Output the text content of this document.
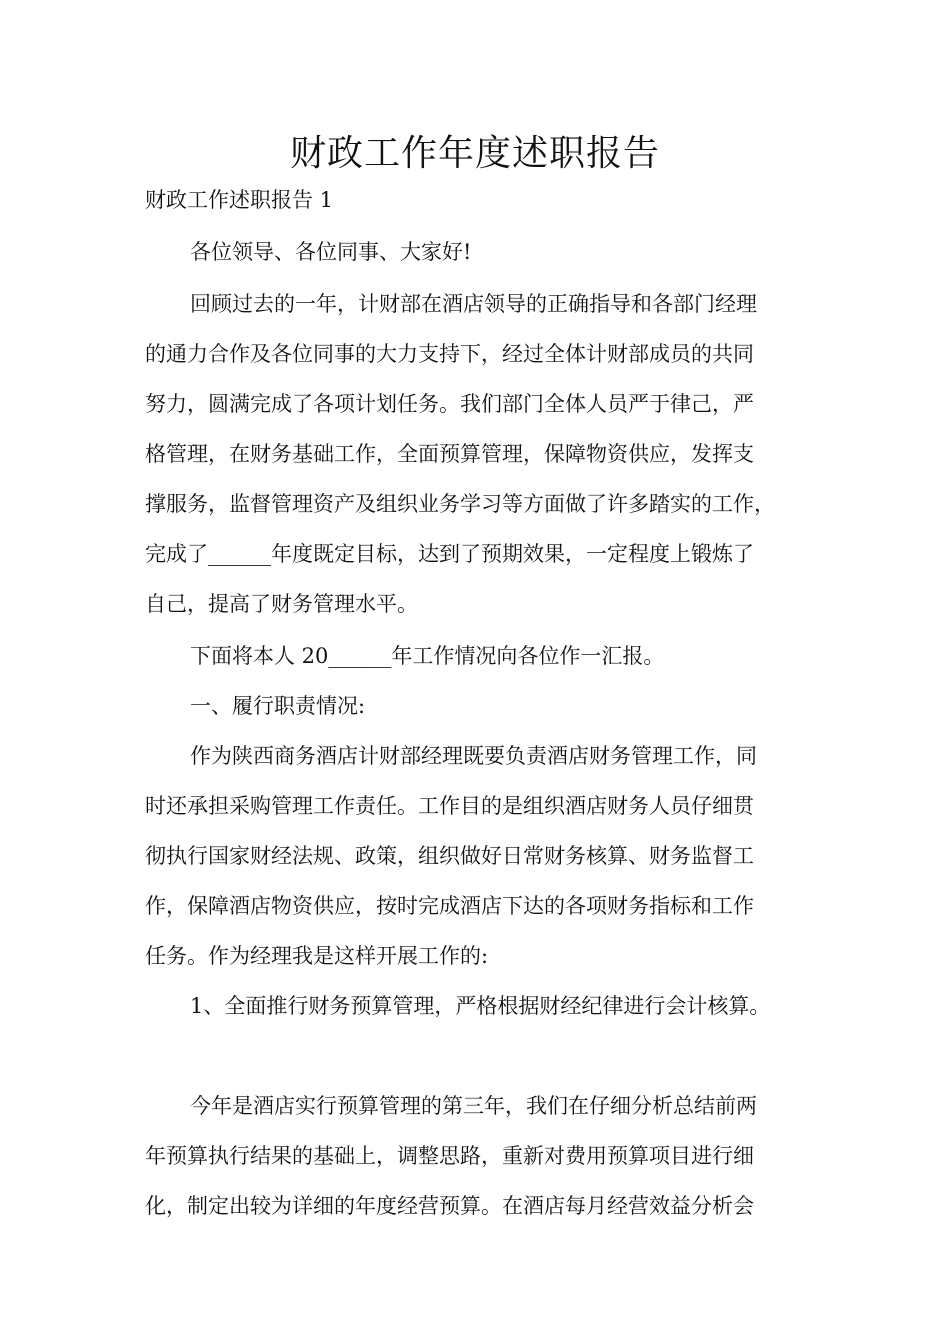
财政工作年度述职报告

财政工作述职报告 1

各位领导、各位同事、大家好!

回顾过去的一年，计财部在酒店领导的正确指导和各部门经理

的通力合作及各位同事的大力支持下，经过全体计财部成员的共同

努力，圆满完成了各项计划任务。我们部门全体人员严于律己，严

格管理，在财务基础工作，全面预算管理，保障物资供应，发挥支

撑服务，监督管理资产及组织业务学习等方面做了许多踏实的工作，

完成了______年度既定目标，达到了预期效果，一定程度上锻炼了

自己，提高了财务管理水平。

下面将本人 20______年工作情况向各位作一汇报。

一、履行职责情况:

作为陕西商务酒店计财部经理既要负责酒店财务管理工作，同

时还承担采购管理工作责任。工作目的是组织酒店财务人员仔细贯

彻执行国家财经法规、政策，组织做好日常财务核算、财务监督工

作，保障酒店物资供应，按时完成酒店下达的各项财务指标和工作

任务。作为经理我是这样开展工作的:

1、全面推行财务预算管理，严格根据财经纪律进行会计核算。

今年是酒店实行预算管理的第三年，我们在仔细分析总结前两

年预算执行结果的基础上，调整思路，重新对费用预算项目进行细

化，制定出较为详细的年度经营预算。在酒店每月经营效益分析会
